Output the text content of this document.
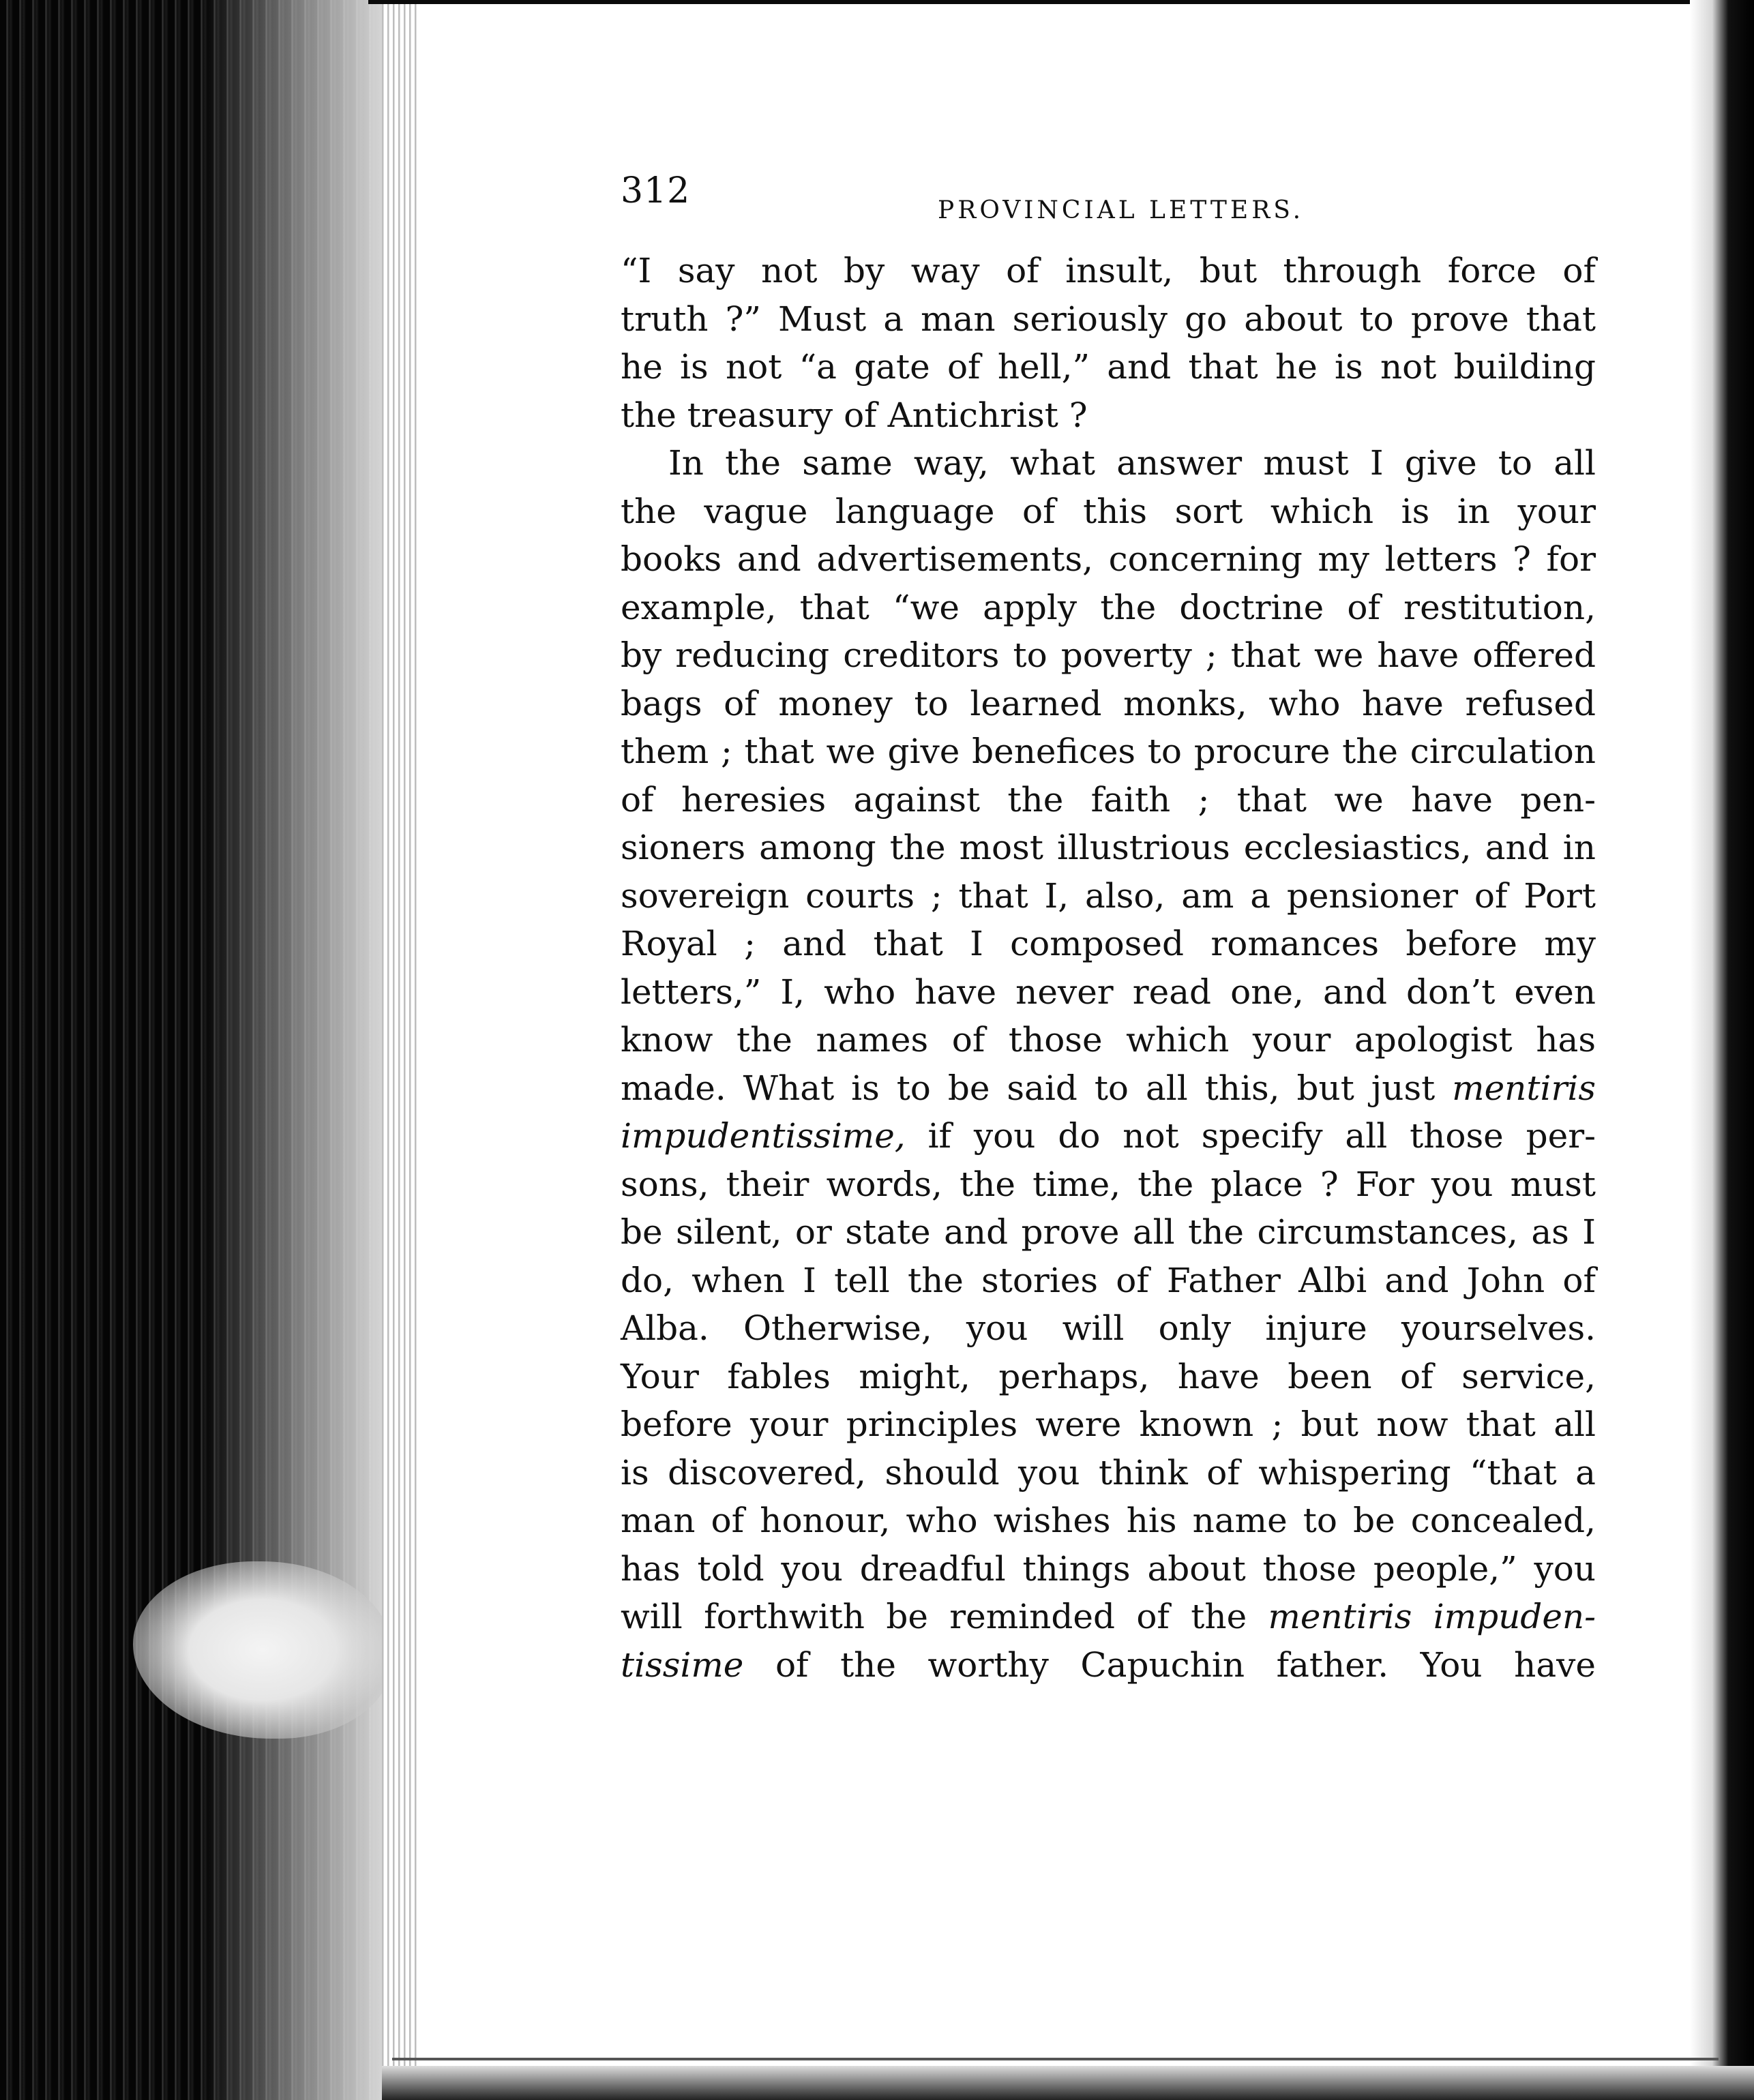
312	PROVINCIAL LETTERS.
“I say not by way of insult, but through force of
truth ?” Must a man seriously go about to prove that
he is not “a gate of hell,” and that he is not building
the treasury of Antichrist ?
In the same way, what answer must I give to all
the vague language of this sort which is in your
books and advertisements, concerning my letters ? for
example, that “we apply the doctrine of restitution,
by reducing creditors to poverty ; that we have offered
bags of money to learned monks, who have refused
them ; that we give benefices to procure the circulation
of heresies against the faith ; that we have pen-
sioners among the most illustrious ecclesiastics, and in
sovereign courts ; that I, also, am a pensioner of Port
Royal ; and that I composed romances before my
letters,” I, who have never read one, and don’t even
know the names of those which your apologist has
made. What is to be said to all this, but just mentiris
impudentissime, if you do not specify all those per-
sons, their words, the time, the place ? For you must
be silent, or state and prove all the circumstances, as I
do, when I tell the stories of Father Albi and John of
Alba. Otherwise, you will only injure yourselves.
Your fables might, perhaps, have been of service,
before your principles were known ; but now that all
is discovered, should you think of whispering “that a
man of honour, who wishes his name to be concealed,
has told you dreadful things about those people,” you
will forthwith be reminded of the mentiris impuden-
tissime of the worthy Capuchin father. You have
